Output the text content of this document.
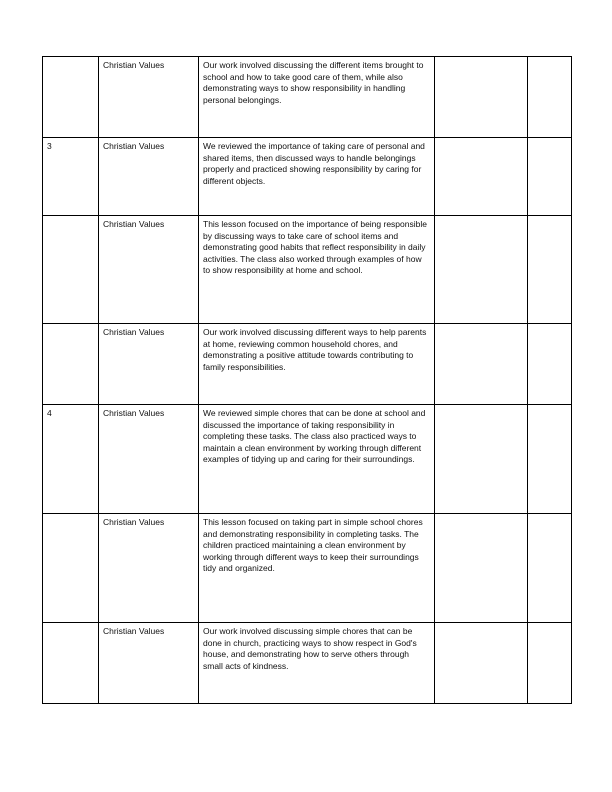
	Christian Values	Our work involved discussing the different items brought to school and how to take good care of them, while also demonstrating ways to show responsibility in handling personal belongings.		
3	Christian Values	We reviewed the importance of taking care of personal and shared items, then discussed ways to handle belongings properly and practiced showing responsibility by caring for different objects.		
	Christian Values	This lesson focused on the importance of being responsible by discussing ways to take care of school items and demonstrating good habits that reflect responsibility in daily activities. The class also worked through examples of how to show responsibility at home and school.		
	Christian Values	Our work involved discussing different ways to help parents at home, reviewing common household chores, and demonstrating a positive attitude towards contributing to family responsibilities.		
4	Christian Values	We reviewed simple chores that can be done at school and discussed the importance of taking responsibility in completing these tasks. The class also practiced ways to maintain a clean environment by working through different examples of tidying up and caring for their surroundings.		
	Christian Values	This lesson focused on taking part in simple school chores and demonstrating responsibility in completing tasks. The children practiced maintaining a clean environment by working through different ways to keep their surroundings tidy and organized.		
	Christian Values	Our work involved discussing simple chores that can be done in church, practicing ways to show respect in God's house, and demonstrating how to serve others through small acts of kindness.		
